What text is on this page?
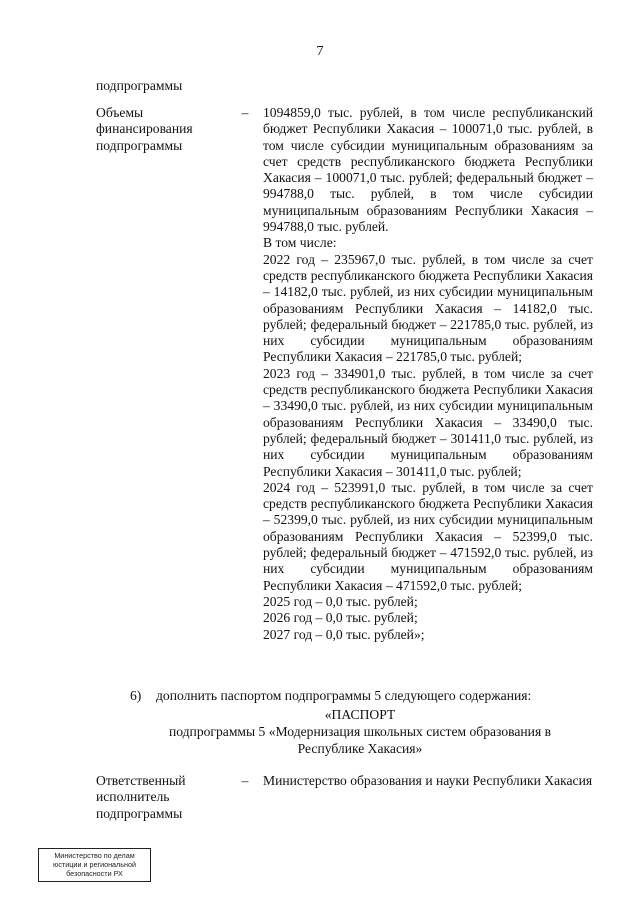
7
подпрограммы
Объемы
финансирования
подпрограммы
– 1094859,0 тыс. рублей, в том числе республиканский бюджет Республики Хакасия – 100071,0 тыс. рублей, в том числе субсидии муниципальным образованиям за счет средств республиканского бюджета Республики Хакасия – 100071,0 тыс. рублей; федеральный бюджет – 994788,0 тыс. рублей, в том числе субсидии муниципальным образованиям Республики Хакасия – 994788,0 тыс. рублей.

В том числе:

2022 год – 235967,0 тыс. рублей, в том числе за счет средств республиканского бюджета Республики Хакасия – 14182,0 тыс. рублей, из них субсидии муниципальным образованиям Республики Хакасия – 14182,0 тыс. рублей; федеральный бюджет – 221785,0 тыс. рублей, из них субсидии муниципальным образованиям Республики Хакасия – 221785,0 тыс. рублей;

2023 год – 334901,0 тыс. рублей, в том числе за счет средств республиканского бюджета Республики Хакасия – 33490,0 тыс. рублей, из них субсидии муниципальным образованиям Республики Хакасия – 33490,0 тыс. рублей; федеральный бюджет – 301411,0 тыс. рублей, из них субсидии муниципальным образованиям Республики Хакасия – 301411,0 тыс. рублей;

2024 год – 523991,0 тыс. рублей, в том числе за счет средств республиканского бюджета Республики Хакасия – 52399,0 тыс. рублей, из них субсидии муниципальным образованиям Республики Хакасия – 52399,0 тыс. рублей; федеральный бюджет – 471592,0 тыс. рублей, из них субсидии муниципальным образованиям Республики Хакасия – 471592,0 тыс. рублей;

2025 год – 0,0 тыс. рублей;

2026 год – 0,0 тыс. рублей;

2027 год – 0,0 тыс. рублей»;

6) дополнить паспортом подпрограммы 5 следующего содержания:
«ПАСПОРТ
подпрограммы 5 «Модернизация школьных систем образования в
Республике Хакасия»
Ответственный
исполнитель
подпрограммы
– Министерство образования и науки Республики Хакасия
Министерство по делам
юстиции и региональной
безопасности РХ
